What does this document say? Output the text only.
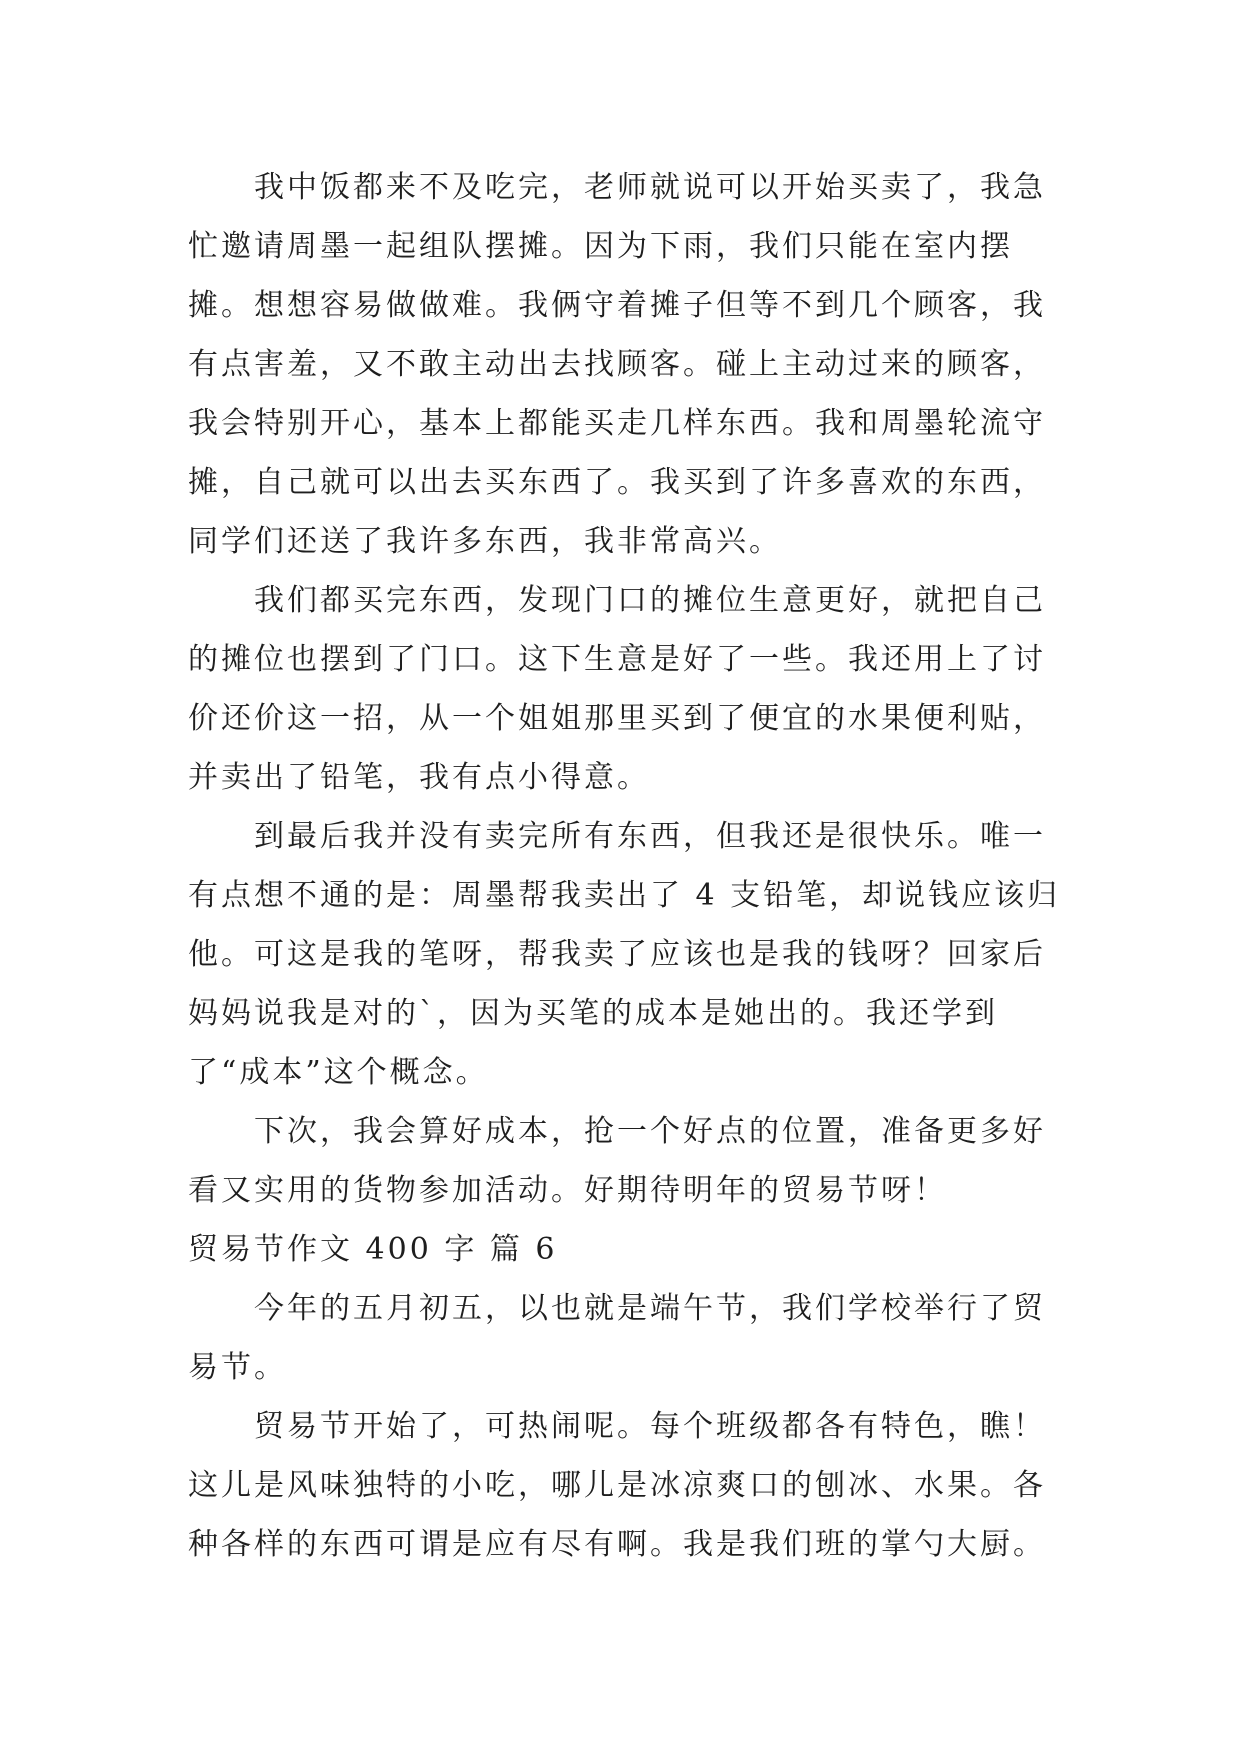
我中饭都来不及吃完，老师就说可以开始买卖了，我急忙邀请周墨一起组队摆摊。因为下雨，我们只能在室内摆摊。想想容易做做难。我俩守着摊子但等不到几个顾客，我有点害羞，又不敢主动出去找顾客。碰上主动过来的顾客，我会特别开心，基本上都能买走几样东西。我和周墨轮流守摊，自己就可以出去买东西了。我买到了许多喜欢的东西，同学们还送了我许多东西，我非常高兴。

我们都买完东西，发现门口的摊位生意更好，就把自己的摊位也摆到了门口。这下生意是好了一些。我还用上了讨价还价这一招，从一个姐姐那里买到了便宜的水果便利贴，并卖出了铅笔，我有点小得意。

到最后我并没有卖完所有东西，但我还是很快乐。唯一有点想不通的是：周墨帮我卖出了 4 支铅笔，却说钱应该归他。可这是我的笔呀，帮我卖了应该也是我的钱呀？回家后妈妈说我是对的`，因为买笔的成本是她出的。我还学到了“成本”这个概念。

下次，我会算好成本，抢一个好点的位置，准备更多好看又实用的货物参加活动。好期待明年的贸易节呀！

贸易节作文 400 字 篇 6

今年的五月初五，以也就是端午节，我们学校举行了贸易节。

贸易节开始了，可热闹呢。每个班级都各有特色，瞧！这儿是风味独特的小吃，哪儿是冰凉爽口的刨冰、水果。各种各样的东西可谓是应有尽有啊。我是我们班的掌勺大厨。
